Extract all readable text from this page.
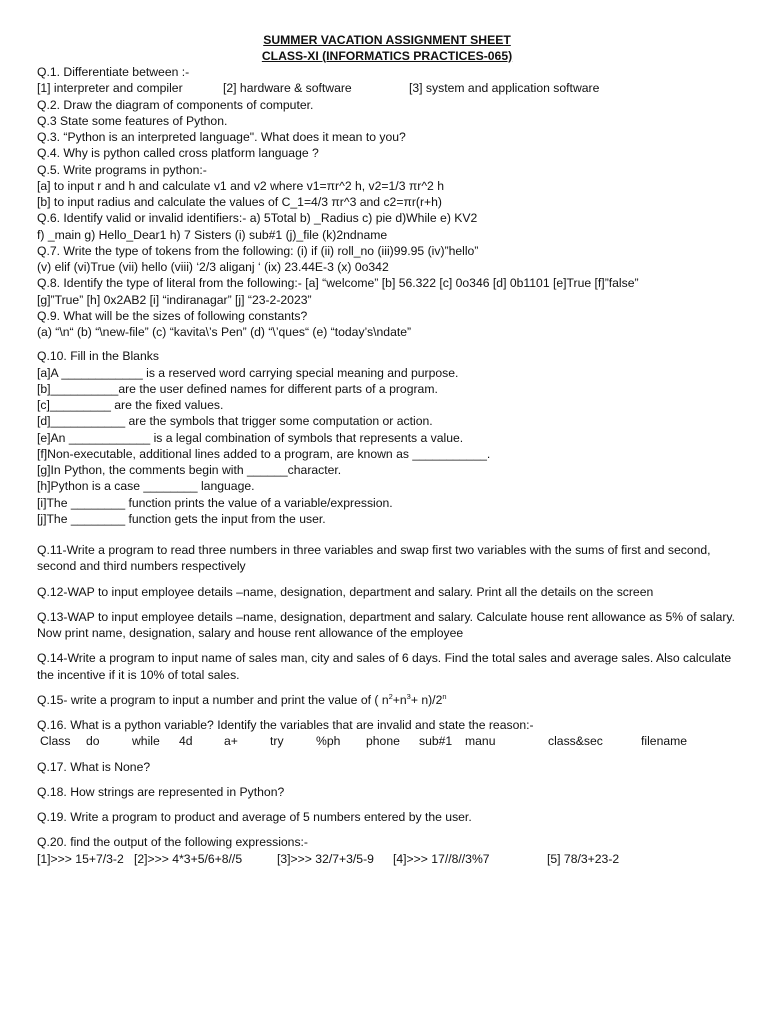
SUMMER VACATION ASSIGNMENT SHEET
CLASS-XI (INFORMATICS PRACTICES-065)
Q.1. Differentiate between :-
[1] interpreter and compiler	[2] hardware & software	[3] system and application software
Q.2. Draw the diagram of components of computer.
Q.3 State some features of Python.
Q.3. “Python is an interpreted language". What does it mean to you?
Q.4. Why is python called cross platform language ?
Q.5. Write programs in python:-
[a] to input r and h and calculate v1 and v2 where v1=πr^2 h, v2=1/3 πr^2 h
[b] to input radius and calculate the values of C_1=4/3 πr^3 and c2=πr(r+h)
Q.6. Identify valid or invalid identifiers:- a) 5Total b) _Radius c) pie d)While e) KV2
f) _main g) Hello_Dear1 h) 7 Sisters (i) sub#1 (j)_file (k)2ndname
Q.7. Write the type of tokens from the following: (i) if (ii) roll_no (iii)99.95 (iv)”hello”
(v) elif (vi)True (vii) hello (viii) ‘2/3 aliganj ‘ (ix) 23.44E-3 (x) 0o342
Q.8. Identify the type of literal from the following:- [a] “welcome” [b] 56.322 [c] 0o346 [d] 0b1101 [e]True [f]”false”
[g]”True” [h] 0x2AB2 [i] “indiranagar” [j] “23-2-2023”
Q.9. What will be the sizes of following constants?
(a) “\n“ (b) “\new-file” (c) “kavita\’s Pen” (d) “\’ques“ (e) “today’s\ndate”
Q.10. Fill in the Blanks
[a]A ____________ is a reserved word carrying special meaning and purpose.
[b]__________are the user defined names for different parts of a program.
[c]_________ are the fixed values.
[d]___________ are the symbols that trigger some computation or action.
[e]An ____________ is a legal combination of symbols that represents a value.
[f]Non-executable, additional lines added to a program, are known as ___________.
[g]In Python, the comments begin with ______character.
[h]Python is a case ________ language.
[i]The ________ function prints the value of a variable/expression.
[j]The ________ function gets the input from the user.
Q.11-Write a program to read three numbers in three variables and swap first two variables with the sums of first and second, second and third numbers respectively
Q.12-WAP to input employee details –name, designation, department and salary. Print all the details on the screen
Q.13-WAP to input employee details –name, designation, department and salary. Calculate house rent allowance as 5% of salary. Now print name, designation, salary and house rent allowance of the employee
Q.14-Write a program to input name of sales man, city and sales of 6 days. Find the total sales and average sales. Also calculate the incentive if it is 10% of total sales.
Q.15- write a program to input a number and print the value of ( $n^2+n^3+ n)/2^n$
Q.16. What is a python variable? Identify the variables that are invalid and state the reason:-
Class do	while 4d	a+	try	%ph phone sub#1 manu	class&sec	filename
Q.17. What is None?
Q.18. How strings are represented in Python?
Q.19. Write a program to product and average of 5 numbers entered by the user.
Q.20. find the output of the following expressions:-
[1]>>> 15+7/3-2 [2]>>> 4*3+5/6+8//5	[3]>>> 32/7+3/5-9 [4]>>> 17//8//3%7	[5] 78/3+23-2
